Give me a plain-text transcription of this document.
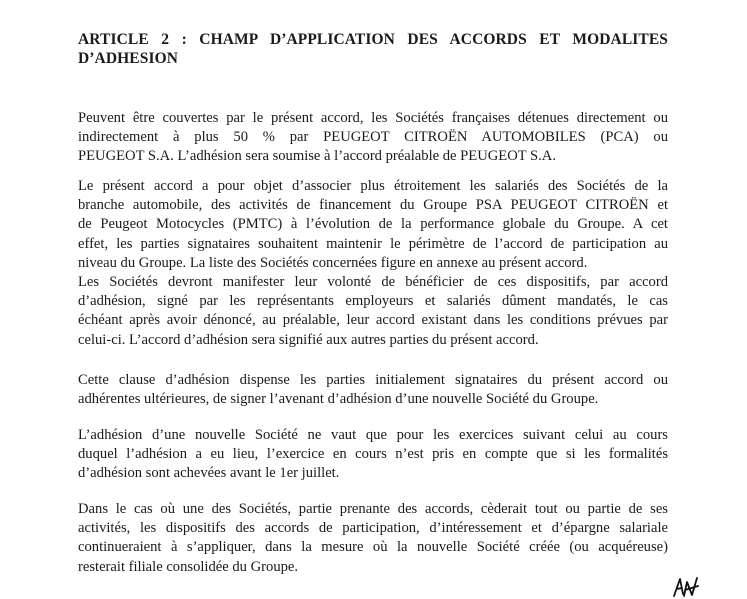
ARTICLE 2 : CHAMP D’APPLICATION DES ACCORDS ET MODALITES
D’ADHESION

Peuvent être couvertes par le présent accord, les Sociétés françaises détenues directement ou
indirectement à plus 50 % par PEUGEOT CITROËN AUTOMOBILES (PCA) ou
PEUGEOT S.A. L’adhésion sera soumise à l’accord préalable de PEUGEOT S.A.

Le présent accord a pour objet d’associer plus étroitement les salariés des Sociétés de la
branche automobile, des activités de financement du Groupe PSA PEUGEOT CITROËN et
de Peugeot Motocycles (PMTC) à l’évolution de la performance globale du Groupe. A cet
effet, les parties signataires souhaitent maintenir le périmètre de l’accord de participation au
niveau du Groupe. La liste des Sociétés concernées figure en annexe au présent accord.

Les Sociétés devront manifester leur volonté de bénéficier de ces dispositifs, par accord
d’adhésion, signé par les représentants employeurs et salariés dûment mandatés, le cas
échéant après avoir dénoncé, au préalable, leur accord existant dans les conditions prévues par
celui-ci. L’accord d’adhésion sera signifié aux autres parties du présent accord.

Cette clause d’adhésion dispense les parties initialement signataires du présent accord ou
adhérentes ultérieures, de signer l’avenant d’adhésion d’une nouvelle Société du Groupe.

L’adhésion d’une nouvelle Société ne vaut que pour les exercices suivant celui au cours
duquel l’adhésion a eu lieu, l’exercice en cours n’est pris en compte que si les formalités
d’adhésion sont achevées avant le 1er juillet.

Dans le cas où une des Sociétés, partie prenante des accords, cèderait tout ou partie de ses
activités, les dispositifs des accords de participation, d’intéressement et d’épargne salariale
continueraient à s’appliquer, dans la mesure où la nouvelle Société créée (ou acquéreuse)
resterait filiale consolidée du Groupe.
